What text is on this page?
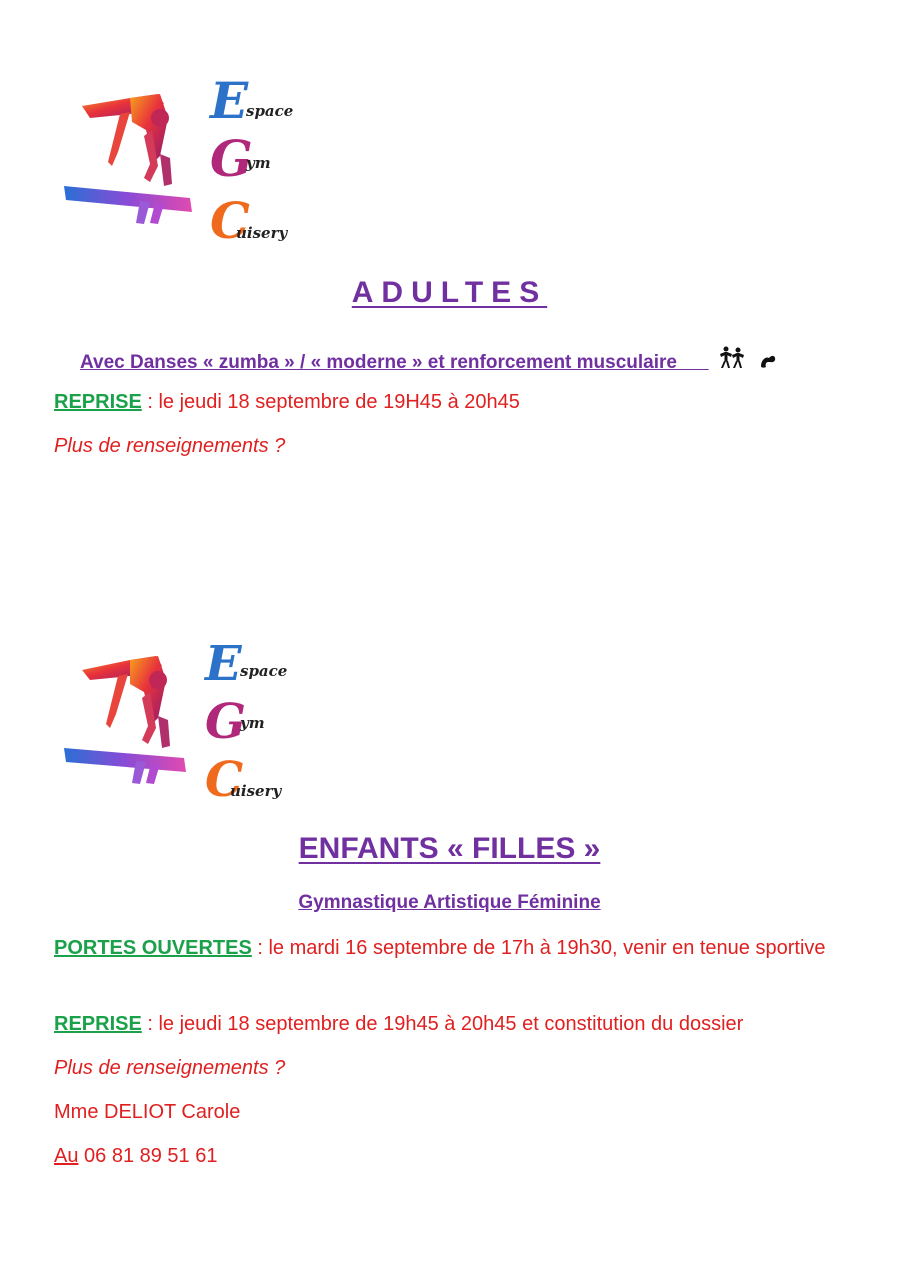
E
space
G
ym
C
uisery
ADULTES
Avec Danses « zumba » / « moderne » et renforcement musculaire
REPRISE : le jeudi 18 septembre de 19H45 à 20h45
Plus de renseignements ?
E
space
G
ym
C
uisery
ENFANTS « FILLES »
Gymnastique Artistique Féminine
PORTES OUVERTES : le mardi 16 septembre de 17h à 19h30, venir en tenue sportive
REPRISE : le jeudi 18 septembre de 19h45 à 20h45 et constitution du dossier
Plus de renseignements ?
Mme DELIOT Carole
Au 06 81 89 51 61
